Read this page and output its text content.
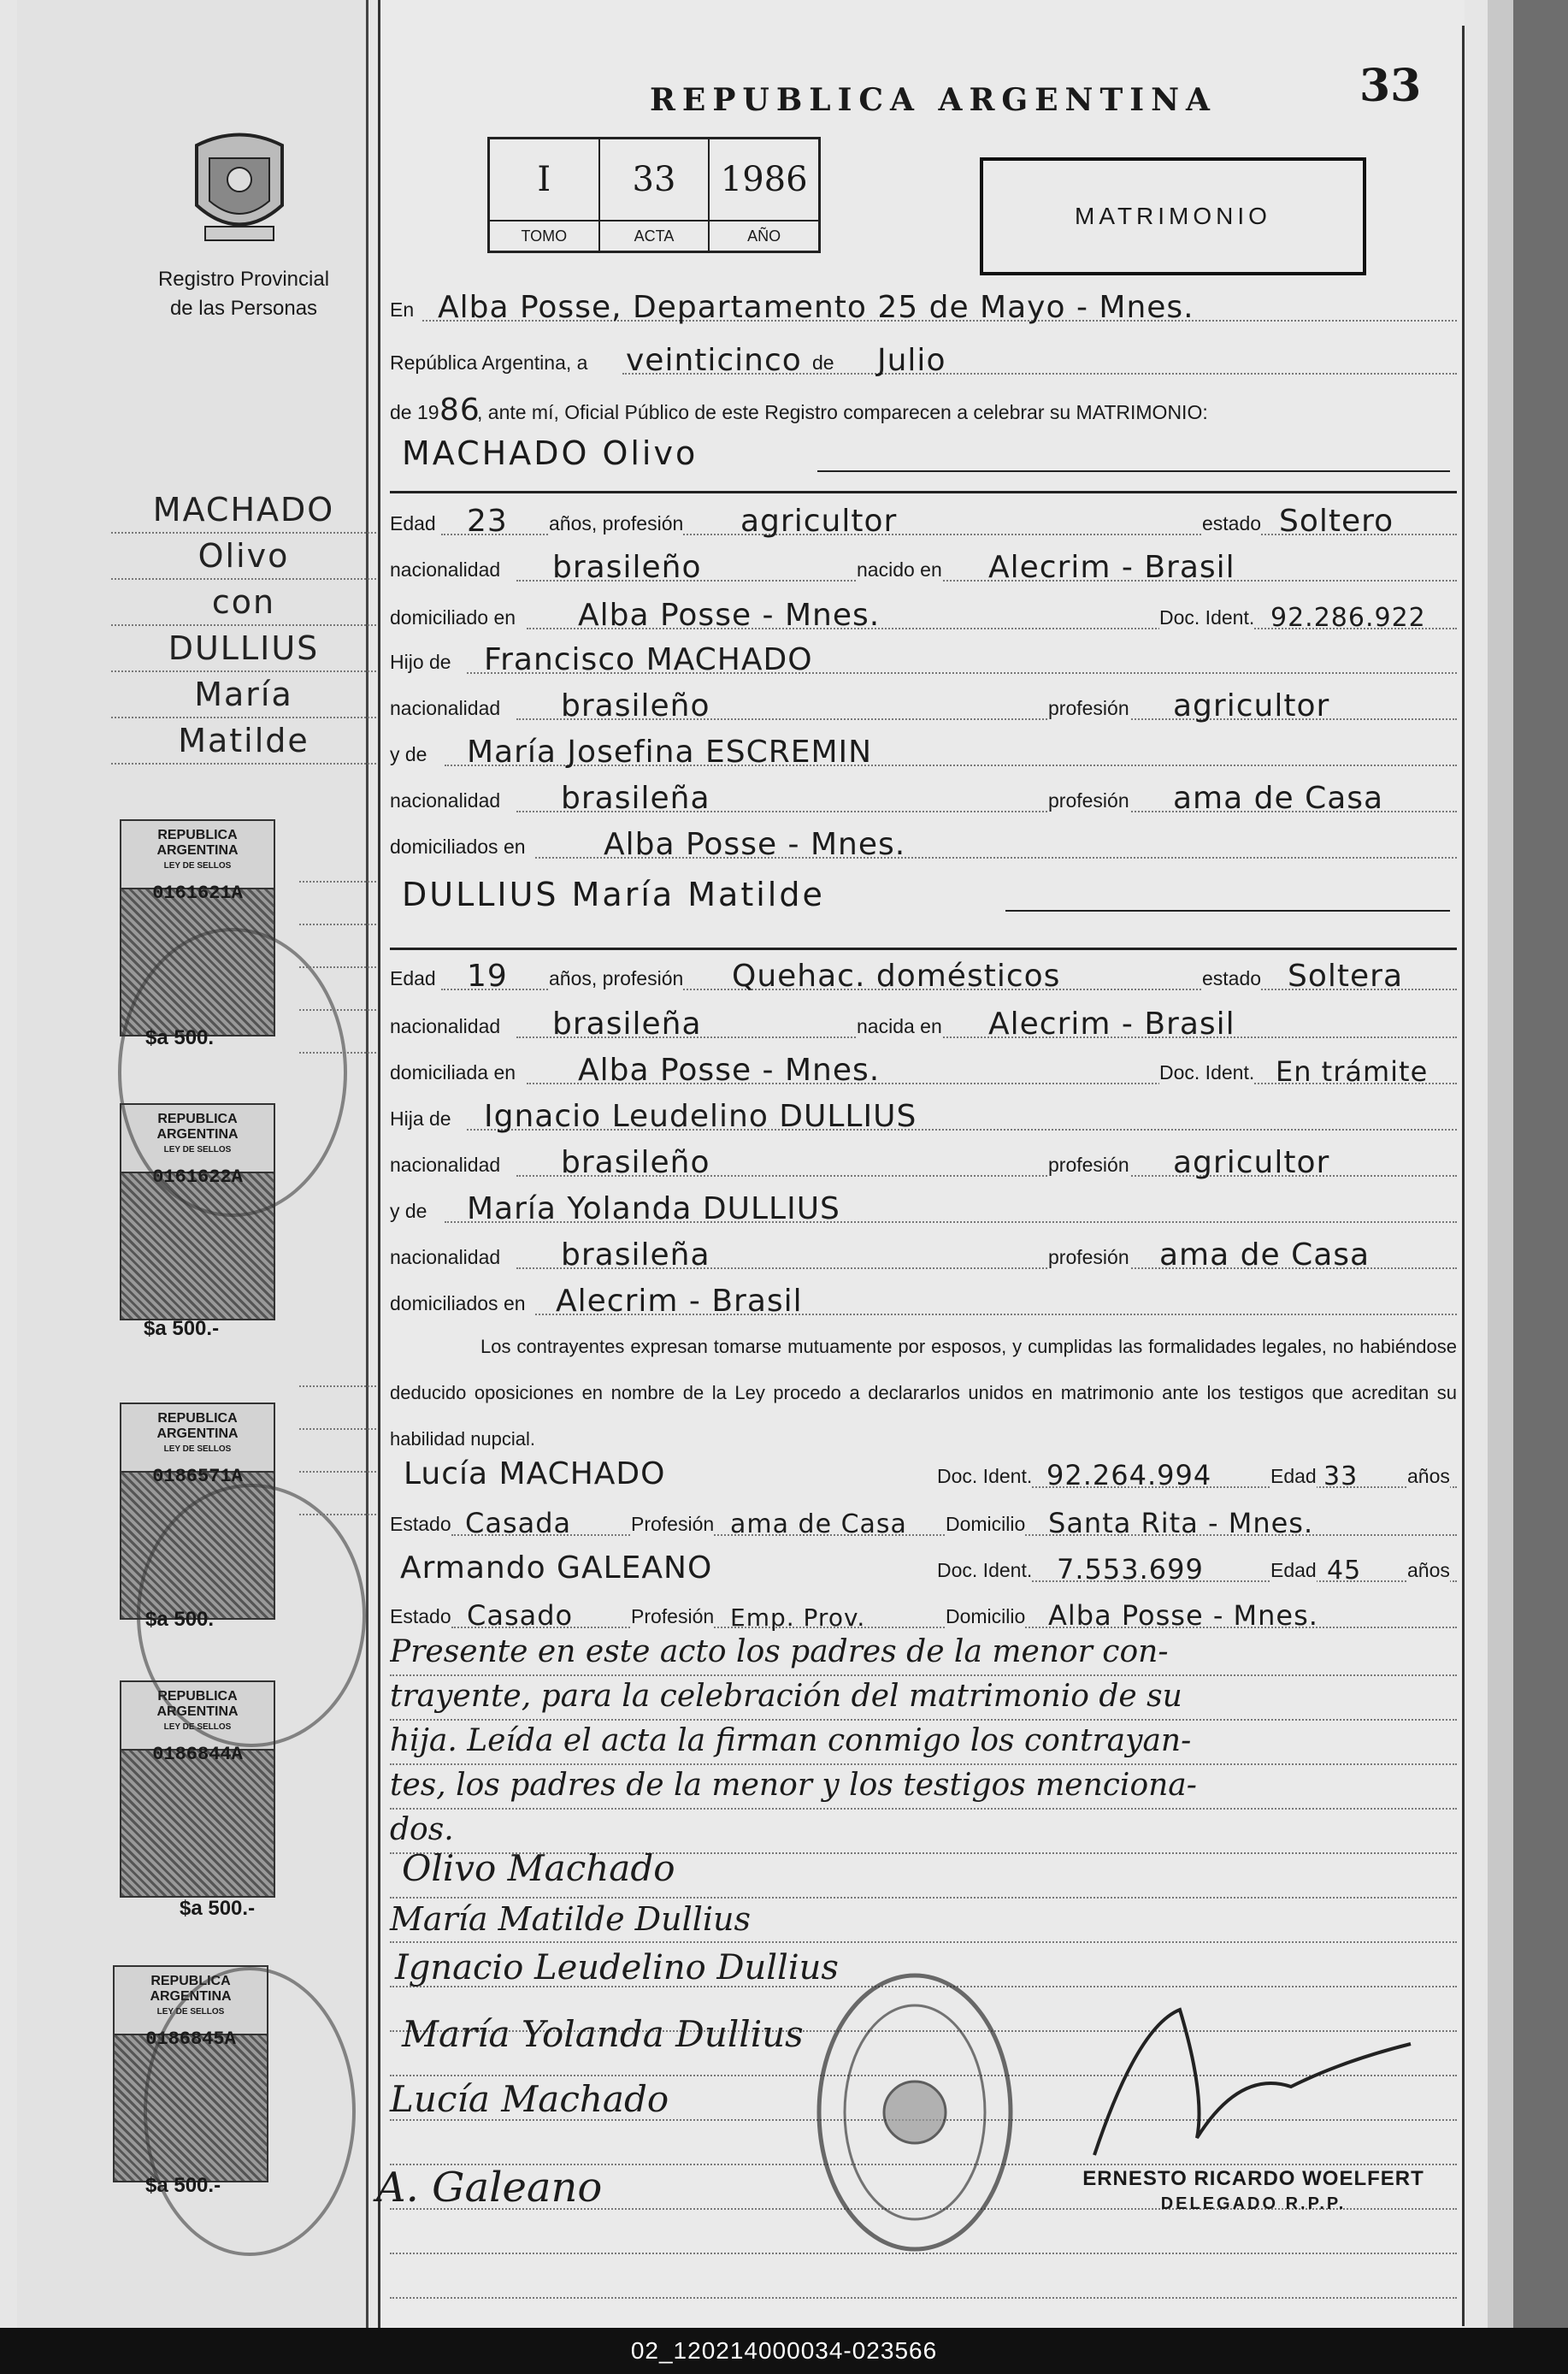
Registro Provincial
de las Personas
MACHADO
Olivo
con
DULLIUS
María
Matilde
REPUBLICA ARGENTINA
LEY DE SELLOS
0161621A
$a 500.
REPUBLICA ARGENTINA
LEY DE SELLOS
0161622A
$a 500.-
REPUBLICA ARGENTINA
LEY DE SELLOS
0186571A
$a 500.
REPUBLICA ARGENTINA
LEY DE SELLOS
0186844A
$a 500.-
REPUBLICA ARGENTINA
LEY DE SELLOS
0186845A
$a 500.-
REPUBLICA ARGENTINA	33
I
TOMO
33
ACTA
1986
AÑO
MATRIMONIO
En Alba Posse, Departamento 25 de Mayo - Mnes.
República Argentina, a veinticinco de Julio
de 19 86
, ante mí, Oficial Público de este Registro comparecen a celebrar su MATRIMONIO:
MACHADO Olivo
Edad 23 años, profesión agricultor	estado Soltero
nacionalidad brasileño	nacido en Alecrim - Brasil
domiciliado en Alba Posse - Mnes.	Doc. Ident. 92.286.922
Hijo de Francisco MACHADO
nacionalidad brasileño	profesión agricultor
y de María Josefina ESCREMIN
nacionalidad brasileña	profesión ama de Casa
domiciliados en	Alba Posse - Mnes.
DULLIUS María Matilde
Edad 19 años, profesión Quehac. domésticos	estado Soltera
nacionalidad brasileña	nacida en Alecrim - Brasil
domiciliada en Alba Posse - Mnes.	Doc. Ident. En trámite
Hija de Ignacio Leudelino DULLIUS
nacionalidad brasileño	profesión agricultor
y de María Yolanda DULLIUS
nacionalidad brasileña	profesión ama de Casa
domiciliados en Alecrim - Brasil
Los contrayentes expresan tomarse mutuamente por esposos, y cumplidas las formalidades legales, no habiéndose deducido oposiciones en nombre de la Ley procedo a declararlos unidos en matrimonio ante los testigos que acreditan su habilidad nupcial.
Lucía MACHADO	Doc. Ident. 92.264.994	Edad 33	años
Estado Casada	Profesión ama de Casa Domicilio Santa Rita - Mnes.
Armando GALEANO	Doc. Ident. 7.553.699	Edad 45 años
Estado Casado	Profesión Emp. Prov.	Domicilio Alba Posse - Mnes.
Presente en este acto los padres de la menor con-
trayente, para la celebración del matrimonio de su
hija. Leída el acta la firman conmigo los contrayan-
tes, los padres de la menor y los testigos menciona-
dos.
Olivo Machado
María Matilde Dullius
Ignacio Leudelino Dullius
María Yolanda Dullius
Lucía Machado
A. Galeano	ERNESTO RICARDO WOELFERT
DELEGADO R.P.P.
02_120214000034-023566
